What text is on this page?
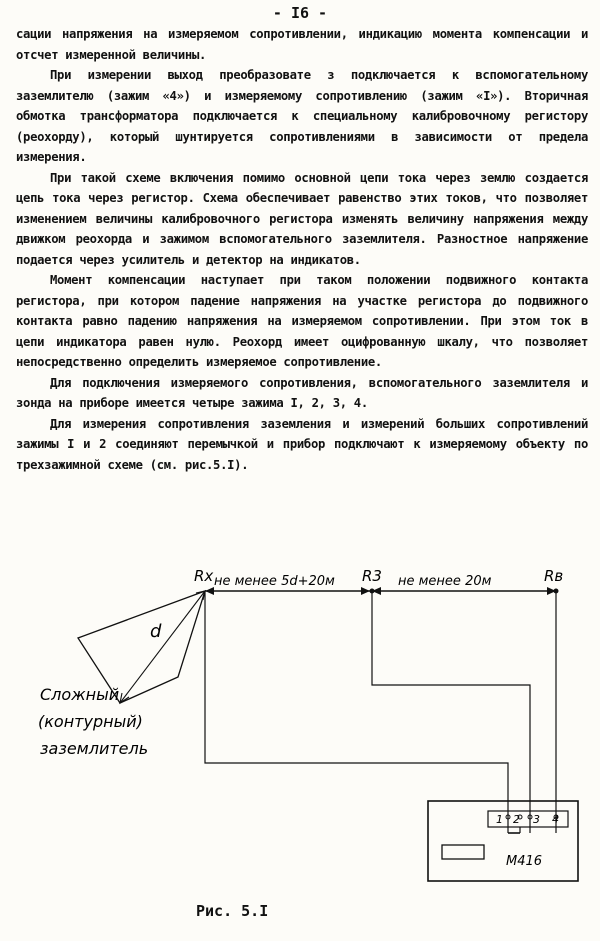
- I6 -

сации напряжения на измеряемом сопротивлении, индикацию момента компенсации и отсчет измеренной величины.

При измерении выход преобразовате з подключается к вспомогательному заземлителю (зажим «4») и измеряемому сопротивлению (зажим «I»). Вторичная обмотка трансформатора подключается к специальному калибровочному регистору (реохорду), который шунтируется сопротивлениями в зависимости от предела измерения.

При такой схеме включения помимо основной цепи тока через землю создается цепь тока через регистор. Схема обеспечивает равенство этих токов, что позволяет изменением величины калибровочного регистора изменять величину напряжения между движком реохорда и зажимом вспомогательного заземлителя. Разностное напряжение подается через усилитель и детектор на индикатов.

Момент компенсации наступает при таком положении подвижного контакта регистора, при котором падение напряжения на участке регистора до подвижного контакта равно падению напряжения на измеряемом сопротивлении. При этом ток в цепи индикатора равен нулю. Реохорд имеет оцифрованную шкалу, что позволяет непосредственно определить измеряемое сопротивление.

Для подключения измеряемого сопротивления, вспомогательного заземлителя и зонда на приборе имеется четыре зажима I, 2, 3, 4.

Для измерения сопротивления заземления и измерений больших сопротивлений зажимы I и 2 соединяют перемычкой и прибор подключают к измеряемому объекту по трехзажимной схеме (см. рис.5.I).

d
Rx	R3	Rв
не менее 5d+20м	не менее 20м
Сложный
(контурный)
заземлитель
1 2 3 4
М416
Рис. 5.I
